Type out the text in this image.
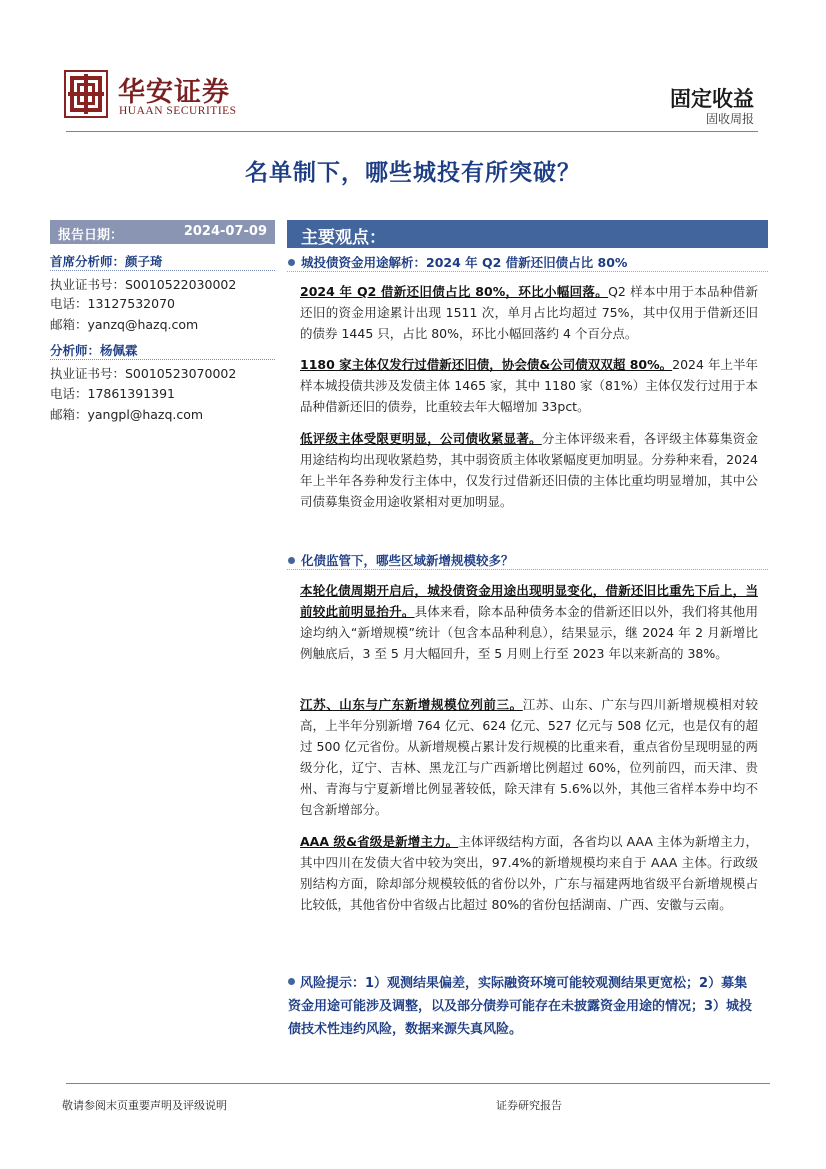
华安证券
HUAAN SECURITIES	固定收益
固收周报
名单制下，哪些城投有所突破？
报告日期：	2024-07-09
首席分析师：颜子琦
执业证书号：S0010522030002
电话：13127532070
邮箱：yanzq@hazq.com
分析师：杨佩霖
执业证书号：S0010523070002
电话：17861391391
邮箱：yangpl@hazq.com
主要观点：
城投债资金用途解析：2024 年 Q2 借新还旧债占比 80%
2024 年 Q2 借新还旧债占比 80%，环比小幅回落。Q2 样本中用于本品种借新还旧的资金用途累计出现 1511 次，单月占比均超过 75%，其中仅用于借新还旧的债券 1445 只，占比 80%，环比小幅回落约 4 个百分点。
1180 家主体仅发行过借新还旧债，协会债&公司债双双超 80%。2024 年上半年样本城投债共涉及发债主体 1465 家，其中 1180 家（81%）主体仅发行过用于本品种借新还旧的债券，比重较去年大幅增加 33pct。
低评级主体受限更明显，公司债收紧显著。分主体评级来看，各评级主体募集资金用途结构均出现收紧趋势，其中弱资质主体收紧幅度更加明显。分券种来看，2024 年上半年各券种发行主体中，仅发行过借新还旧债的主体比重均明显增加，其中公司债募集资金用途收紧相对更加明显。
化债监管下，哪些区域新增规模较多？
本轮化债周期开启后，城投债资金用途出现明显变化，借新还旧比重先下后上，当前较此前明显抬升。具体来看，除本品种债务本金的借新还旧以外，我们将其他用途均纳入“新增规模”统计（包含本品种利息），结果显示，继 2024 年 2 月新增比例触底后，3 至 5 月大幅回升，至 5 月则上行至 2023 年以来新高的 38%。
江苏、山东与广东新增规模位列前三。江苏、山东、广东与四川新增规模相对较高，上半年分别新增 764 亿元、624 亿元、527 亿元与 508 亿元，也是仅有的超过 500 亿元省份。从新增规模占累计发行规模的比重来看，重点省份呈现明显的两级分化，辽宁、吉林、黑龙江与广西新增比例超过 60%，位列前四，而天津、贵州、青海与宁夏新增比例显著较低，除天津有 5.6%以外，其他三省样本券中均不包含新增部分。
AAA 级&省级是新增主力。主体评级结构方面，各省均以 AAA 主体为新增主力，其中四川在发债大省中较为突出，97.4%的新增规模均来自于 AAA 主体。行政级别结构方面，除却部分规模较低的省份以外，广东与福建两地省级平台新增规模占比较低，其他省份中省级占比超过 80%的省份包括湖南、广西、安徽与云南。
风险提示：1）观测结果偏差，实际融资环境可能较观测结果更宽松；2）募集资金用途可能涉及调整，以及部分债券可能存在未披露资金用途的情况；3）城投债技术性违约风险，数据来源失真风险。
敬请参阅末页重要声明及评级说明	证券研究报告
